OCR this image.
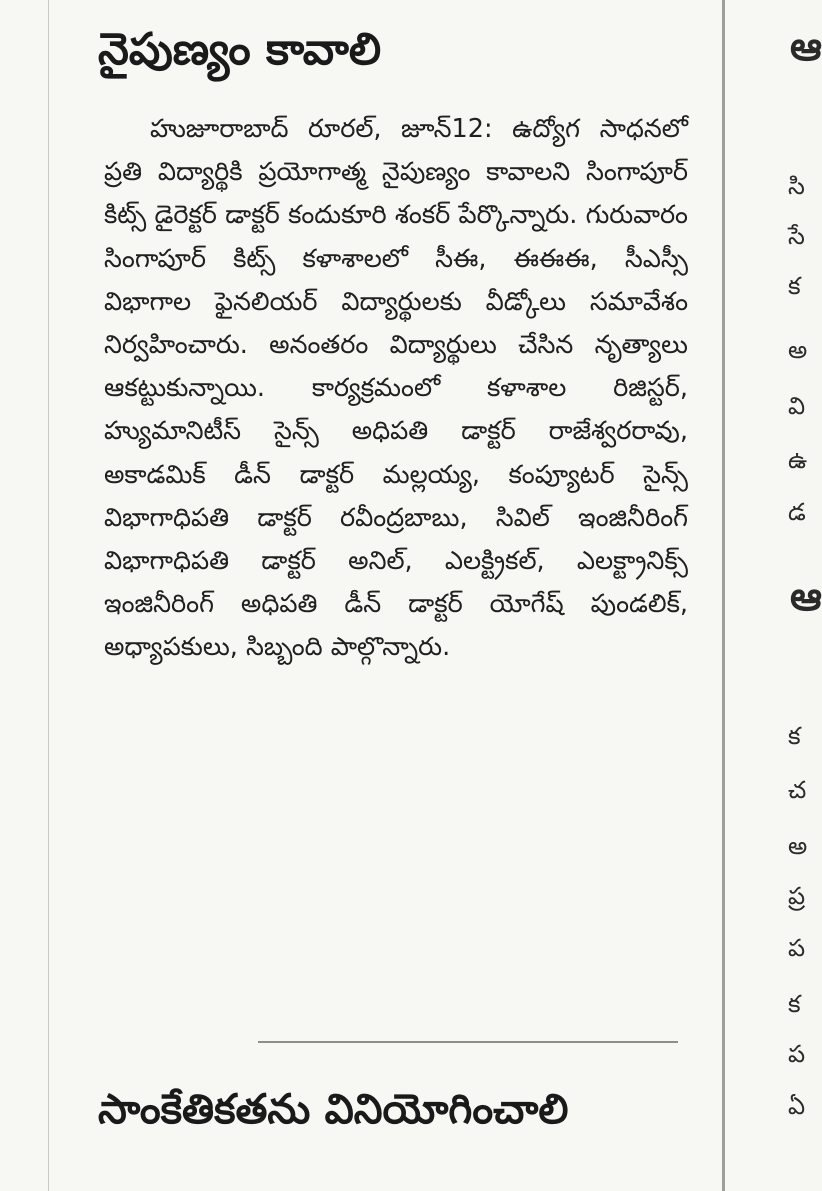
నైపుణ్యం కావాలి

హుజూరాబాద్ రూరల్, జూన్12: ఉద్యోగ సాధనలో ప్రతి విద్యార్థికి ప్రయోగాత్మ నైపుణ్యం కావాలని సింగాపూర్ కిట్స్ డైరెక్టర్ డాక్టర్ కందుకూరి శంకర్ పేర్కొన్నారు. గురువారం సింగాపూర్ కిట్స్ కళాశాలలో సీఈ, ఈఈఈ, సీఎస్సీ విభాగాల ఫైనలియర్ విద్యార్థులకు వీడ్కోలు సమావేశం నిర్వహించారు. అనంతరం విద్యార్థులు చేసిన నృత్యాలు ఆకట్టుకున్నాయి. కార్యక్రమంలో కళాశాల రిజిస్టర్, హ్యుమానిటీస్ సైన్స్ అధిపతి డాక్టర్ రాజేశ్వరరావు, అకాడమిక్ డీన్ డాక్టర్ మల్లయ్య, కంప్యూటర్ సైన్స్ విభాగాధిపతి డాక్టర్ రవీంద్రబాబు, సివిల్ ఇంజినీరింగ్ విభాగాధిపతి డాక్టర్ అనిల్, ఎలక్ట్రికల్, ఎలక్ట్రానిక్స్ ఇంజినీరింగ్ అధిపతి డీన్ డాక్టర్ యోగేష్ పుండలిక్, అధ్యాపకులు, సిబ్బంది పాల్గొన్నారు.

సాంకేతికతను వినియోగించాలి
ఆ
సి
సే
క
అ
వి
ఉ
డ
ఆ
క
చ
అ
ప్ర
ప
క
ప
ఏ
